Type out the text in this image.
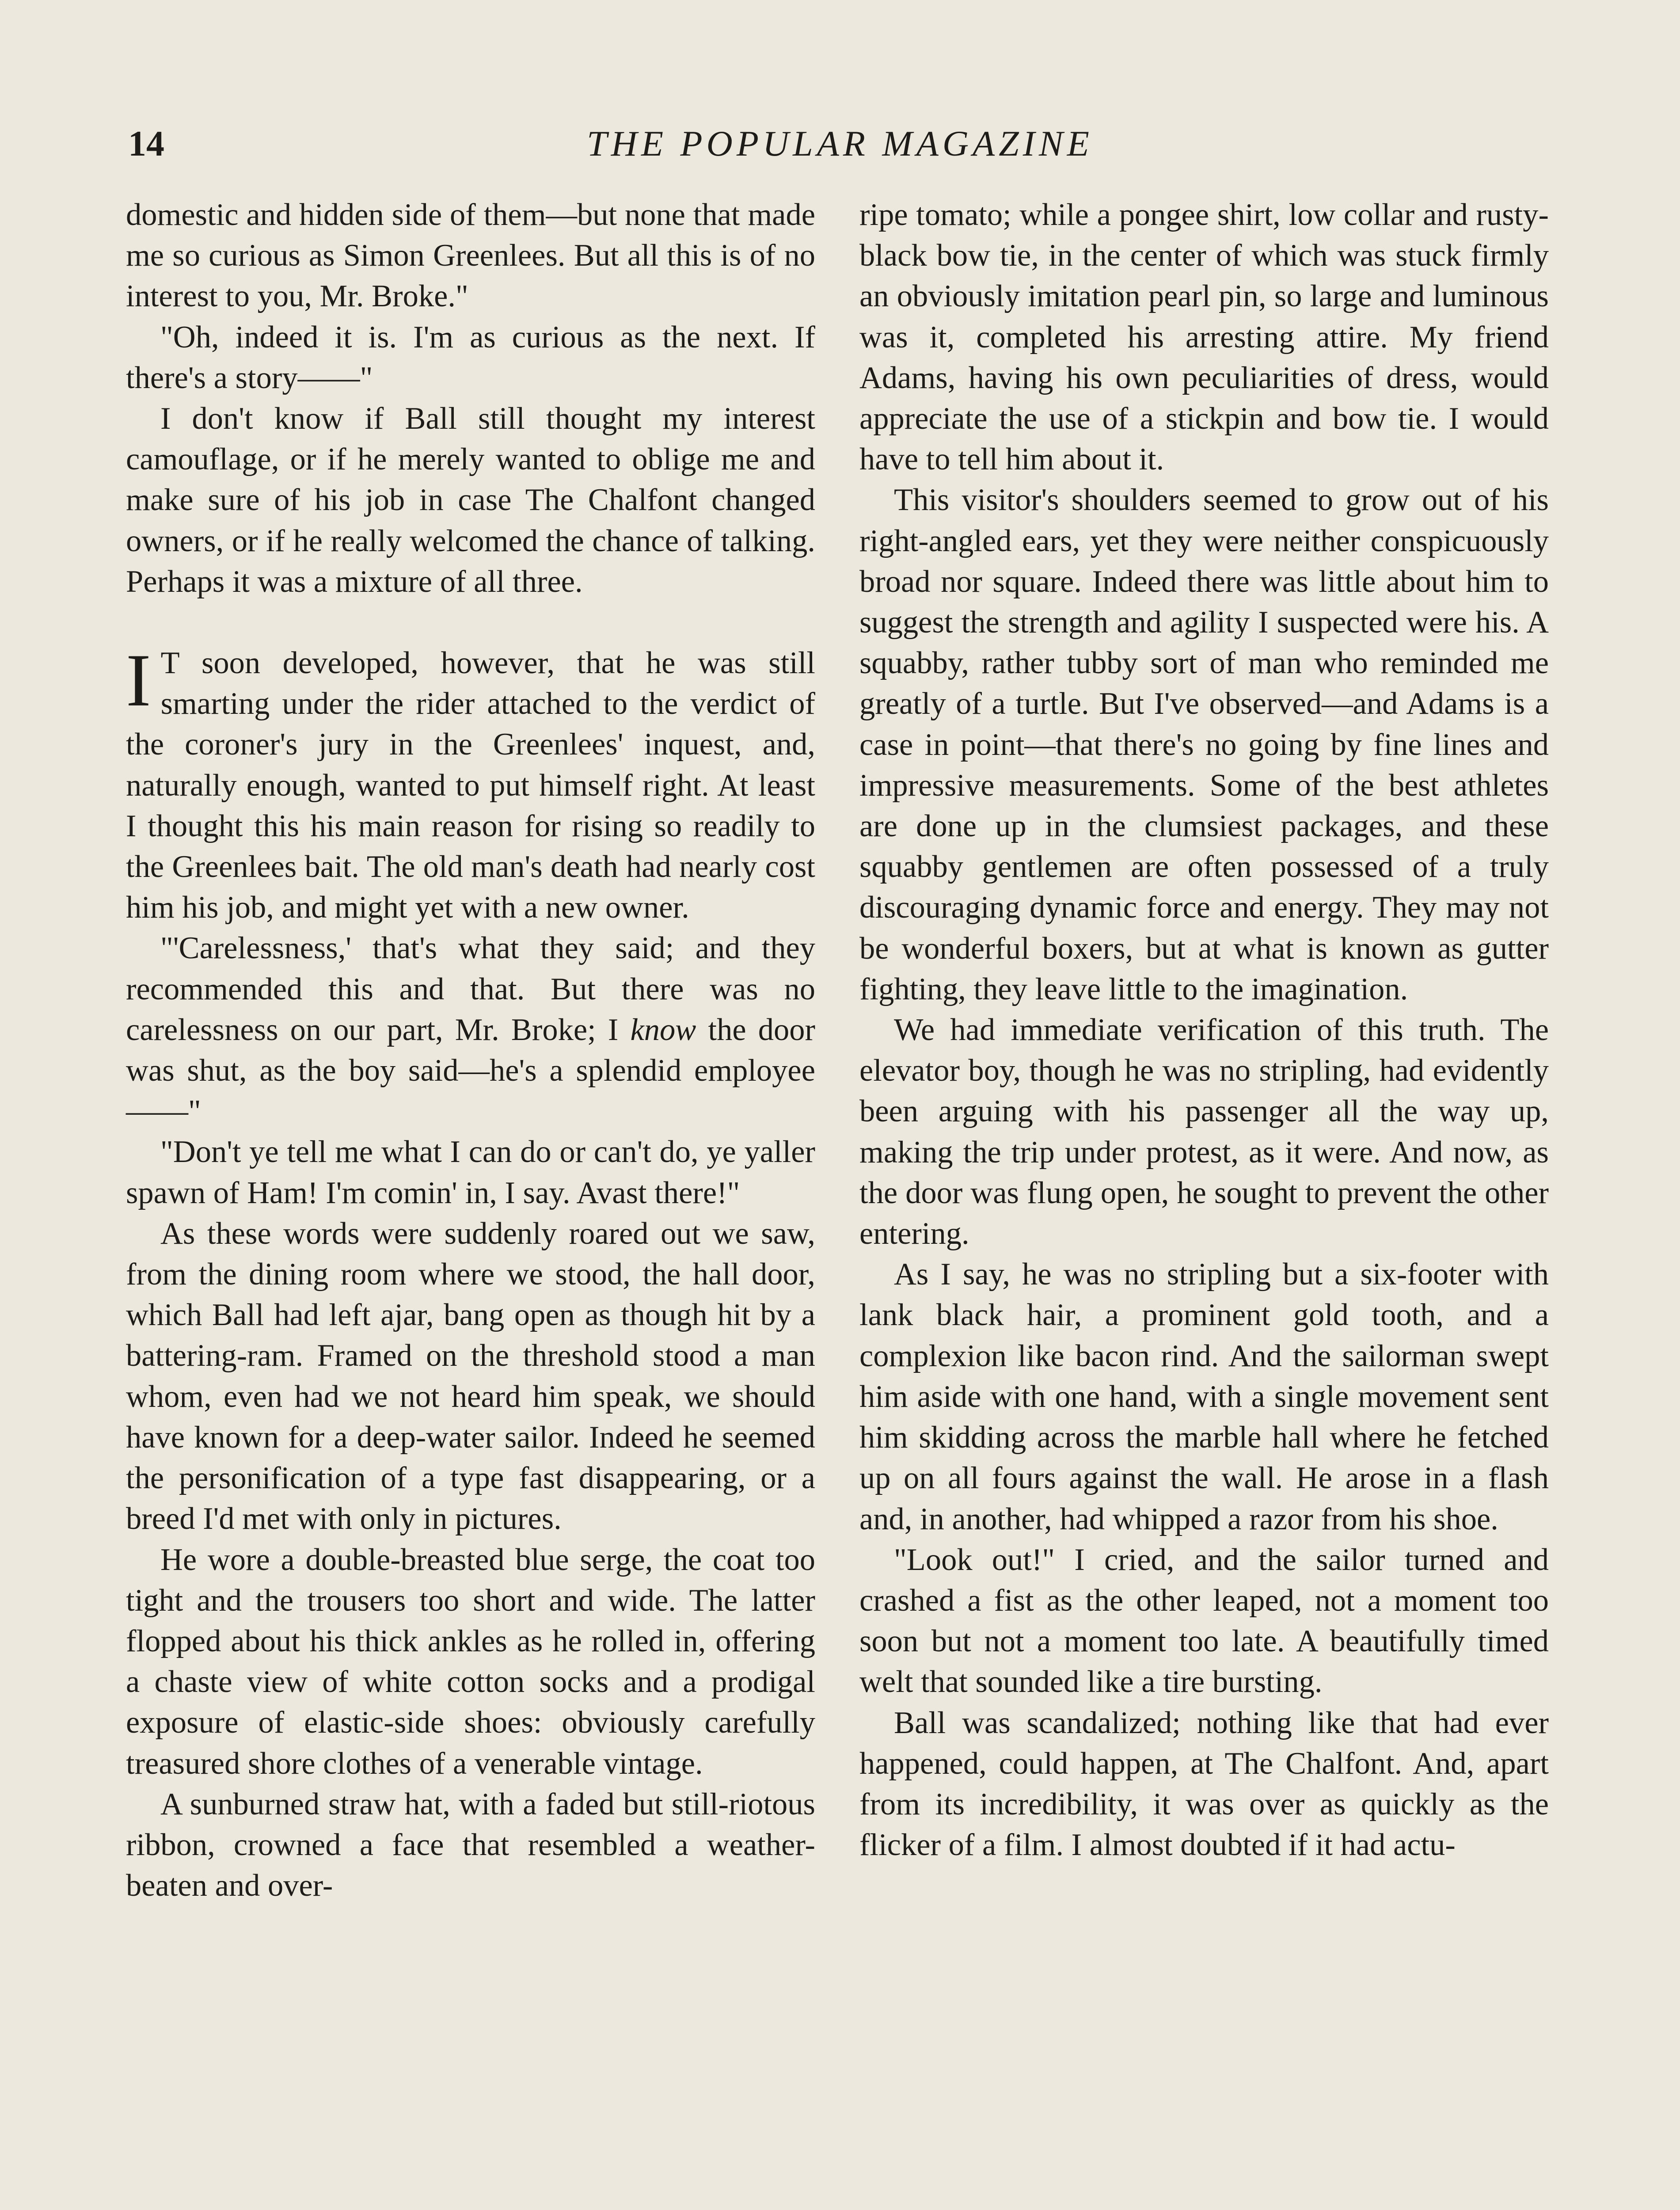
14	THE POPULAR MAGAZINE

domestic and hidden side of them—but none that made me so curious as Simon Greenlees. But all this is of no interest to you, Mr. Broke."

"Oh, indeed it is. I'm as curious as the next. If there's a story——"

I don't know if Ball still thought my interest camouflage, or if he merely wanted to oblige me and make sure of his job in case The Chalfont changed owners, or if he really welcomed the chance of talking. Perhaps it was a mixture of all three.

I T soon developed, however, that he was still smarting under the rider attached to the verdict of the coroner's jury in the Greenlees' inquest, and, naturally enough, wanted to put himself right. At least I thought this his main reason for rising so readily to the Greenlees bait. The old man's death had nearly cost him his job, and might yet with a new owner.

"'Carelessness,' that's what they said; and they recommended this and that. But there was no carelessness on our part, Mr. Broke; I know the door was shut, as the boy said—he's a splendid employee——"

"Don't ye tell me what I can do or can't do, ye yaller spawn of Ham! I'm comin' in, I say. Avast there!"

As these words were suddenly roared out we saw, from the dining room where we stood, the hall door, which Ball had left ajar, bang open as though hit by a battering-ram. Framed on the threshold stood a man whom, even had we not heard him speak, we should have known for a deep-water sailor. Indeed he seemed the personification of a type fast disappearing, or a breed I'd met with only in pictures.

He wore a double-breasted blue serge, the coat too tight and the trousers too short and wide. The latter flopped about his thick ankles as he rolled in, offering a chaste view of white cotton socks and a prodigal exposure of elastic-side shoes: obviously carefully treasured shore clothes of a venerable vintage.

A sunburned straw hat, with a faded but still-riotous ribbon, crowned a face that resembled a weather-beaten and over-

ripe tomato; while a pongee shirt, low collar and rusty-black bow tie, in the center of which was stuck firmly an obviously imitation pearl pin, so large and luminous was it, completed his arresting attire. My friend Adams, having his own peculiarities of dress, would appreciate the use of a stickpin and bow tie. I would have to tell him about it.

This visitor's shoulders seemed to grow out of his right-angled ears, yet they were neither conspicuously broad nor square. Indeed there was little about him to suggest the strength and agility I suspected were his. A squabby, rather tubby sort of man who reminded me greatly of a turtle. But I've observed—and Adams is a case in point—that there's no going by fine lines and impressive measurements. Some of the best athletes are done up in the clumsiest packages, and these squabby gentlemen are often possessed of a truly discouraging dynamic force and energy. They may not be wonderful boxers, but at what is known as gutter fighting, they leave little to the imagination.

We had immediate verification of this truth. The elevator boy, though he was no stripling, had evidently been arguing with his passenger all the way up, making the trip under protest, as it were. And now, as the door was flung open, he sought to prevent the other entering.

As I say, he was no stripling but a six-footer with lank black hair, a prominent gold tooth, and a complexion like bacon rind. And the sailorman swept him aside with one hand, with a single movement sent him skidding across the marble hall where he fetched up on all fours against the wall. He arose in a flash and, in another, had whipped a razor from his shoe.

"Look out!" I cried, and the sailor turned and crashed a fist as the other leaped, not a moment too soon but not a moment too late. A beautifully timed welt that sounded like a tire bursting.

Ball was scandalized; nothing like that had ever happened, could happen, at The Chalfont. And, apart from its incredibility, it was over as quickly as the flicker of a film. I almost doubted if it had actu-
